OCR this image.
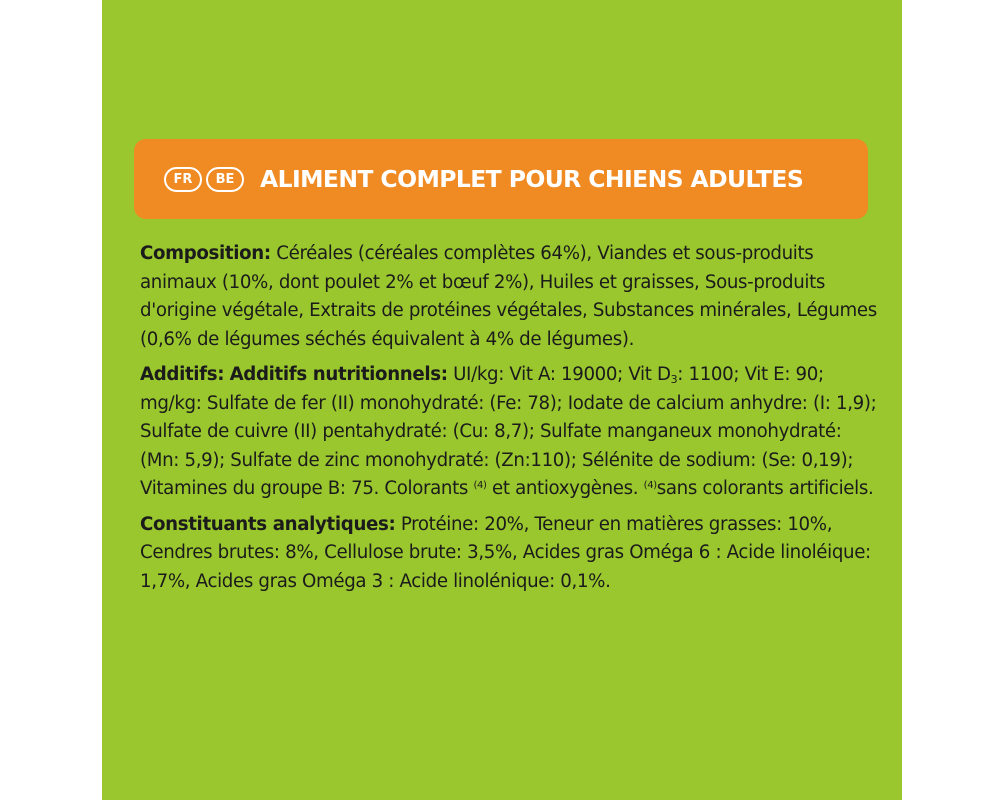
FR	BE	ALIMENT COMPLET POUR CHIENS ADULTES

Composition: Céréales (céréales complètes 64%), Viandes et sous-produits animaux (10%, dont poulet 2% et bœuf 2%), Huiles et graisses, Sous-produits d'origine végétale, Extraits de protéines végétales, Substances minérales, Légumes (0,6% de légumes séchés équivalent à 4% de légumes).

Additifs: Additifs nutritionnels: UI/kg: Vit A: 19000; Vit $D_3$: 1100; Vit E: 90; mg/kg: Sulfate de fer (II) monohydraté: (Fe: 78); Iodate de calcium anhydre: (I: 1,9); Sulfate de cuivre (II) pentahydraté: (Cu: 8,7); Sulfate manganeux monohydraté: (Mn: 5,9); Sulfate de zinc monohydraté: (Zn:110); Sélénite de sodium: (Se: 0,19); Vitamines du groupe B: 75. Colorants $^{(4)}$ et antioxygènes. $^{(4)}$sans colorants artificiels.

Constituants analytiques: Protéine: 20%, Teneur en matières grasses: 10%, Cendres brutes: 8%, Cellulose brute: 3,5%, Acides gras Oméga 6 : Acide linoléique: 1,7%, Acides gras Oméga 3 : Acide linolénique: 0,1%.
